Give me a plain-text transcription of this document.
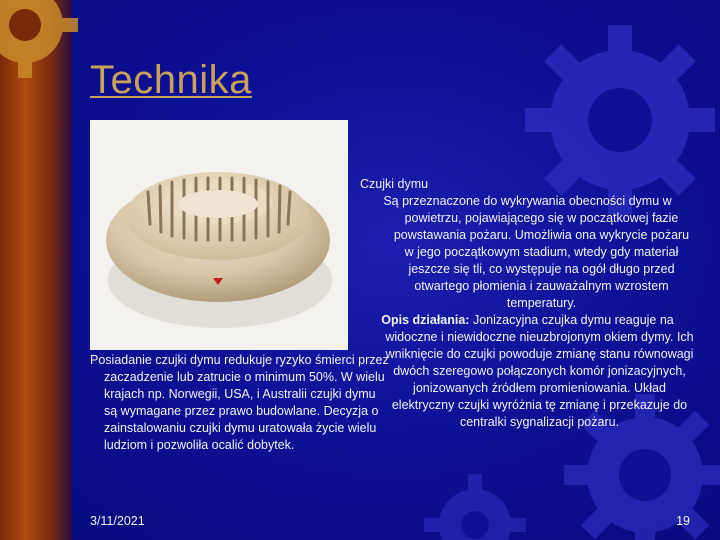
Technika

Posiadanie czujki dymu redukuje ryzyko śmierci przez zaczadzenie lub zatrucie o minimum 50%. W wielu krajach np. Norwegii, USA, i Australii czujki dymu są wymagane przez prawo budowlane. Decyzja o zainstalowaniu czujki dymu uratowała życie wielu ludziom i pozwoliła ocalić dobytek.

Czujki dymu

Są przeznaczone do wykrywania obecności dymu w powietrzu, pojawiającego się w początkowej fazie powstawania pożaru. Umożliwia ona wykrycie pożaru w jego początkowym stadium, wtedy gdy materiał jeszcze się tli, co występuje na ogół długo przed otwartego płomienia i zauważalnym wzrostem temperatury.

Opis działania: Jonizacyjna czujka dymu reaguje na widoczne i niewidoczne nieuzbrojonym okiem dymy. Ich wniknięcie do czujki powoduje zmianę stanu równowagi dwóch szeregowo połączonych komór jonizacyjnych, jonizowanych źródłem promieniowania. Układ elektryczny czujki wyróżnia tę zmianę i przekazuje do centralki sygnalizacji pożaru.

3/11/2021	19
